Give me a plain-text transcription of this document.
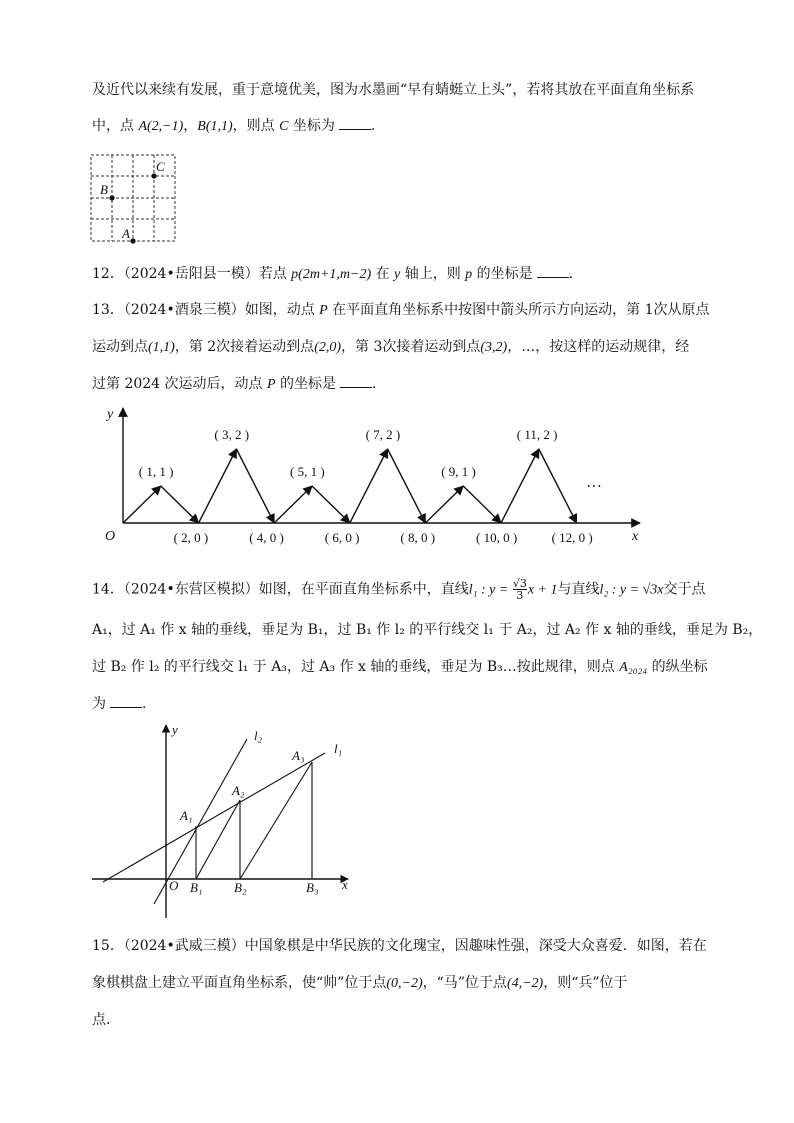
及近代以来续有发展，重于意境优美，图为水墨画“早有蜻蜓立上头”，若将其放在平面直角坐标系
中，点 A(2,−1)，B(1,1)，则点 C 坐标为	.
C
B
A
12．（2024•岳阳县一模）若点 p(2m+1,m−2) 在 y 轴上，则 p 的坐标是	.
13．（2024•酒泉三模）如图，动点 P 在平面直角坐标系中按图中箭头所示方向运动，第 1次从原点
运动到点(1,1)，第 2次接着运动到点(2,0)，第 3次接着运动到点(3,2)，…，按这样的运动规律，经
过第 2024 次运动后，动点 P 的坐标是	.
y
x
O
…
( 1, 1 )
( 3, 2 )
( 5, 1 )
( 7, 2 )
( 9, 1 )
( 11, 2 )
( 2, 0 )	( 4, 0 )	( 6, 0 )	( 8, 0 )	( 10, 0 )	( 12, 0 )
14．（2024•东营区模拟）如图，在平面直角坐标系中，直线l₁ : $y = \frac{√3}{3}$ x + 1与直线l₂ : y = √3x交于点
A₁，过 A₁ 作 x 轴的垂线，垂足为 B₁，过 B₁ 作 l₂ 的平行线交 l₁ 于 A₂，过 A₂ 作 x 轴的垂线，垂足为 B₂，
过 B₂ 作 l₂ 的平行线交 l₁ 于 A₃，过 A₃ 作 x 轴的垂线，垂足为 B₃…按此规律，则点 A₂₀₂₄ 的纵坐标
为	.
y
x
O
l₂
l₁
A₁
A₂
A₃
B₁ B₂	B₃
15．（2024•武威三模）中国象棋是中华民族的文化瑰宝，因趣味性强，深受大众喜爱．如图，若在
象棋棋盘上建立平面直角坐标系，使“帅”位于点(0,−2)，“马”位于点(4,−2)，则“兵”位于
点.
